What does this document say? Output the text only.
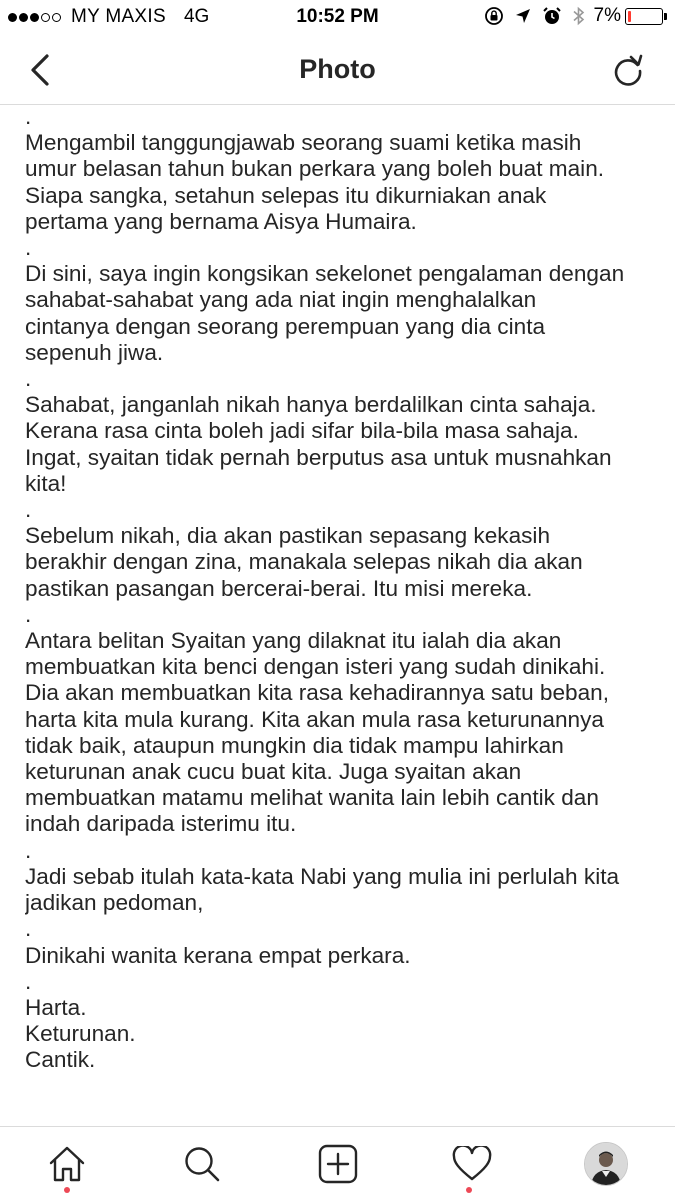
MY MAXIS 4G	10:52 PM	7%
Photo
.
Mengambil tanggungjawab seorang suami ketika masih
umur belasan tahun bukan perkara yang boleh buat main.
Siapa sangka, setahun selepas itu dikurniakan anak
pertama yang bernama Aisya Humaira.
.
Di sini, saya ingin kongsikan sekelonet pengalaman dengan
sahabat-sahabat yang ada niat ingin menghalalkan
cintanya dengan seorang perempuan yang dia cinta
sepenuh jiwa.
.
Sahabat, janganlah nikah hanya berdalilkan cinta sahaja.
Kerana rasa cinta boleh jadi sifar bila-bila masa sahaja.
Ingat, syaitan tidak pernah berputus asa untuk musnahkan
kita!
.
Sebelum nikah, dia akan pastikan sepasang kekasih
berakhir dengan zina, manakala selepas nikah dia akan
pastikan pasangan bercerai-berai. Itu misi mereka.
.
Antara belitan Syaitan yang dilaknat itu ialah dia akan
membuatkan kita benci dengan isteri yang sudah dinikahi.
Dia akan membuatkan kita rasa kehadirannya satu beban,
harta kita mula kurang. Kita akan mula rasa keturunannya
tidak baik, ataupun mungkin dia tidak mampu lahirkan
keturunan anak cucu buat kita. Juga syaitan akan
membuatkan matamu melihat wanita lain lebih cantik dan
indah daripada isterimu itu.
.
Jadi sebab itulah kata-kata Nabi yang mulia ini perlulah kita
jadikan pedoman,
.
Dinikahi wanita kerana empat perkara.
.
Harta.
Keturunan.
Cantik.
